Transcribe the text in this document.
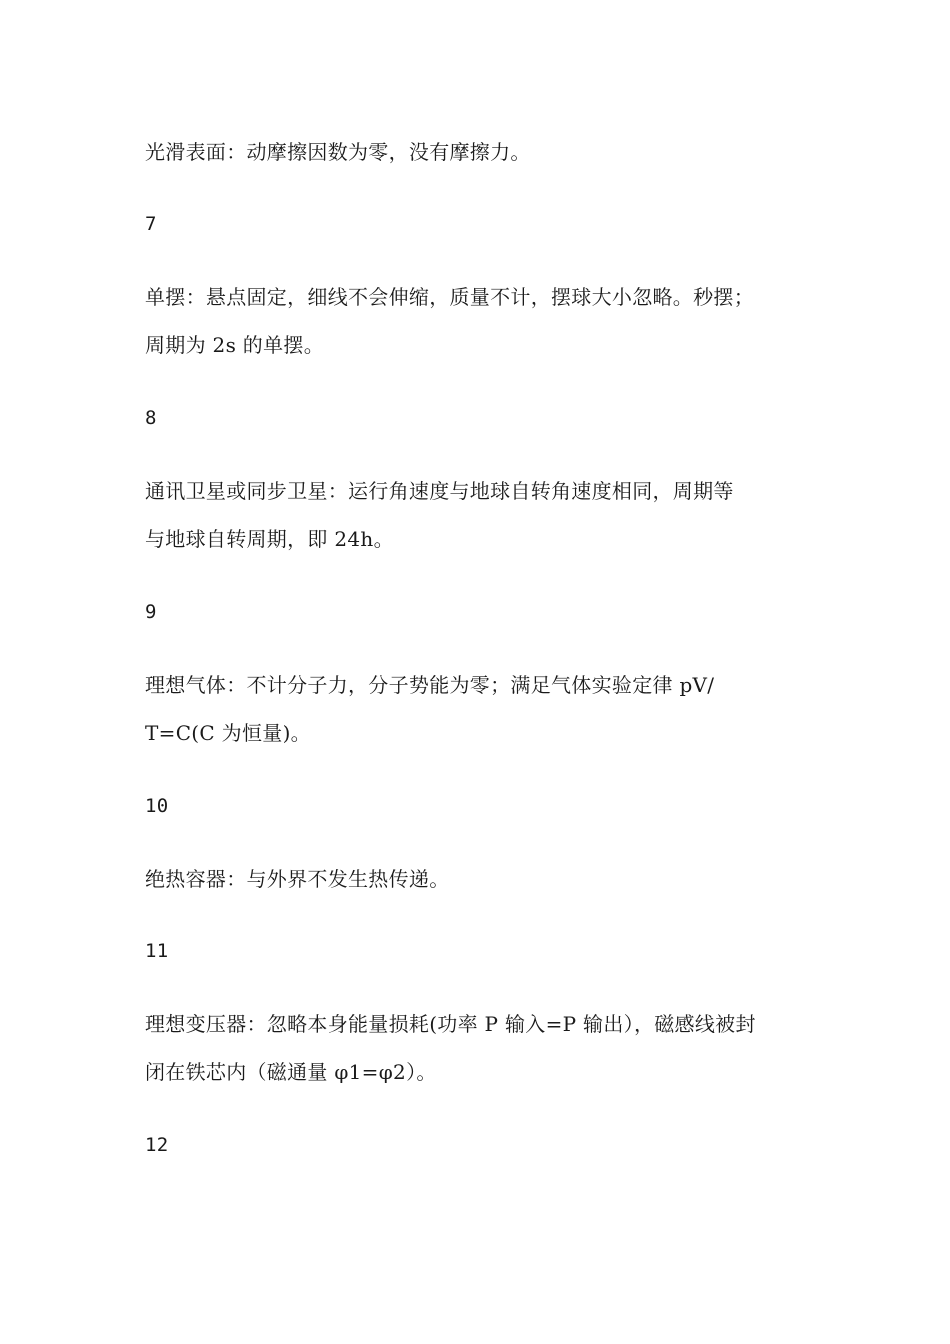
光滑表面：动摩擦因数为零，没有摩擦力。
7
单摆：悬点固定，细线不会伸缩，质量不计，摆球大小忽略。秒摆；
周期为 2s 的单摆。
8
通讯卫星或同步卫星：运行角速度与地球自转角速度相同，周期等
与地球自转周期，即 24h。
9
理想气体：不计分子力，分子势能为零；满足气体实验定律 pV/
T=C(C 为恒量)。
10
绝热容器：与外界不发生热传递。
11
理想变压器：忽略本身能量损耗(功率 P 输入=P 输出），磁感线被封
闭在铁芯内（磁通量 φ1=φ2）。
12
